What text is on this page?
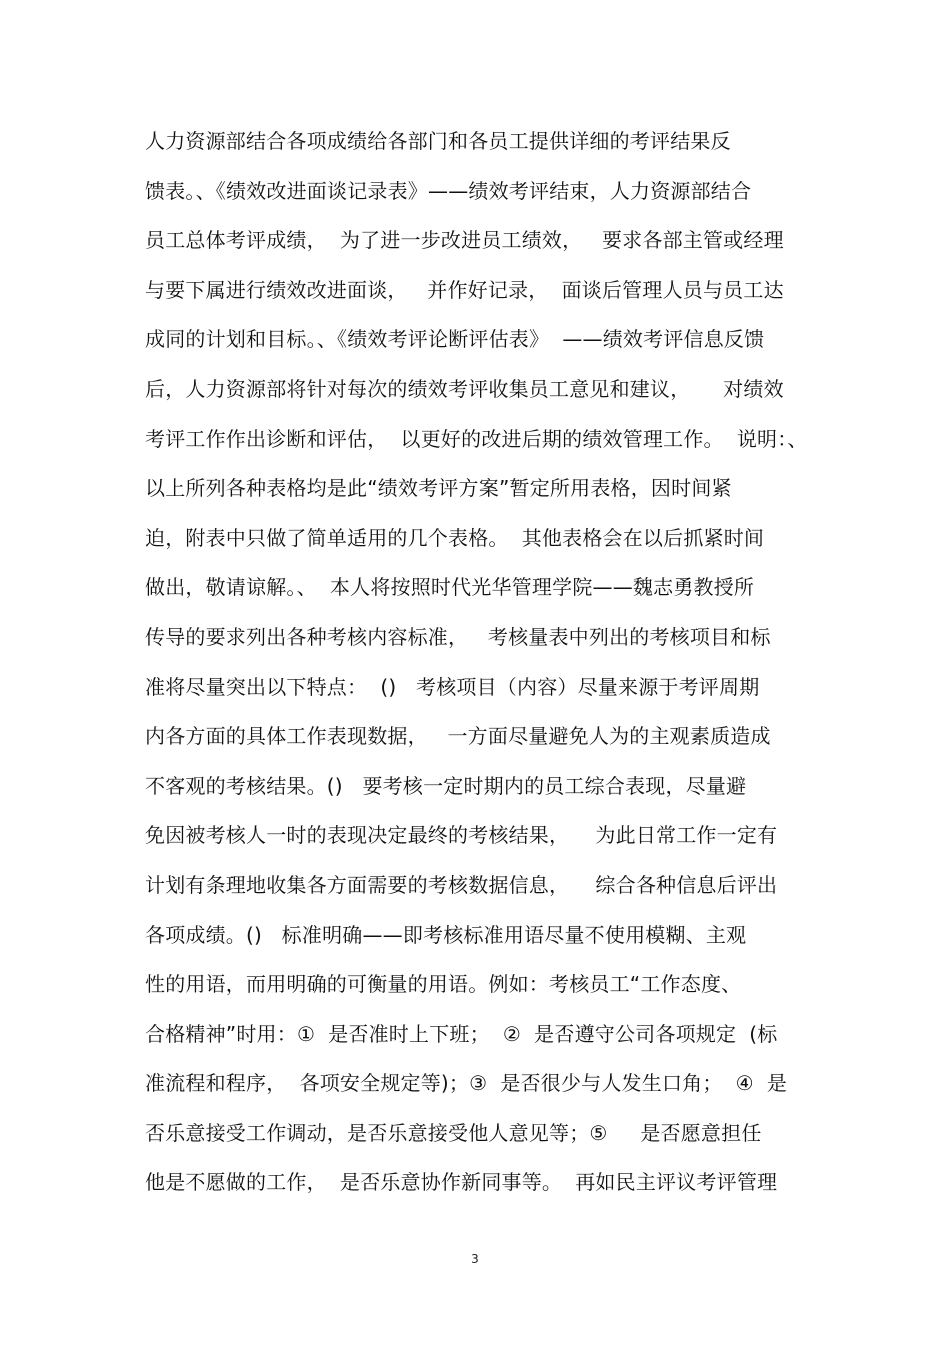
人力资源部结合各项成绩给各部门和各员工提供详细的考评结果反
馈表。、《绩效改进面谈记录表》——绩效考评结束，人力资源部结合
员工总体考评成绩，  为了进一步改进员工绩效，   要求各部主管或经理
与要下属进行绩效改进面谈，   并作好记录，  面谈后管理人员与员工达
成同的计划和目标。、《绩效考评论断评估表》  ——绩效考评信息反馈
后，人力资源部将针对每次的绩效考评收集员工意见和建议，     对绩效
考评工作作出诊断和评估，  以更好的改进后期的绩效管理工作。  说明：、
以上所列各种表格均是此“绩效考评方案”暂定所用表格，因时间紧
迫，附表中只做了简单适用的几个表格。  其他表格会在以后抓紧时间
做出，敬请谅解。、  本人将按照时代光华管理学院——魏志勇教授所
传导的要求列出各种考核内容标准，   考核量表中列出的考核项目和标
准将尽量突出以下特点：  ()   考核项目（内容）尽量来源于考评周期
内各方面的具体工作表现数据，   一方面尽量避免人为的主观素质造成
不客观的考核结果。()   要考核一定时期内的员工综合表现，尽量避
免因被考核人一时的表现决定最终的考核结果，    为此日常工作一定有
计划有条理地收集各方面需要的考核数据信息，    综合各种信息后评出
各项成绩。()   标准明确——即考核标准用语尽量不使用模糊、主观
性的用语，而用明确的可衡量的用语。例如：考核员工“工作态度、
合格精神”时用：①  是否准时上下班；  ②  是否遵守公司各项规定  (标
准流程和程序，  各项安全规定等)；③  是否很少与人发生口角；  ④  是
否乐意接受工作调动，是否乐意接受他人意见等；⑤     是否愿意担任
他是不愿做的工作，  是否乐意协作新同事等。  再如民主评议考评管理
3
